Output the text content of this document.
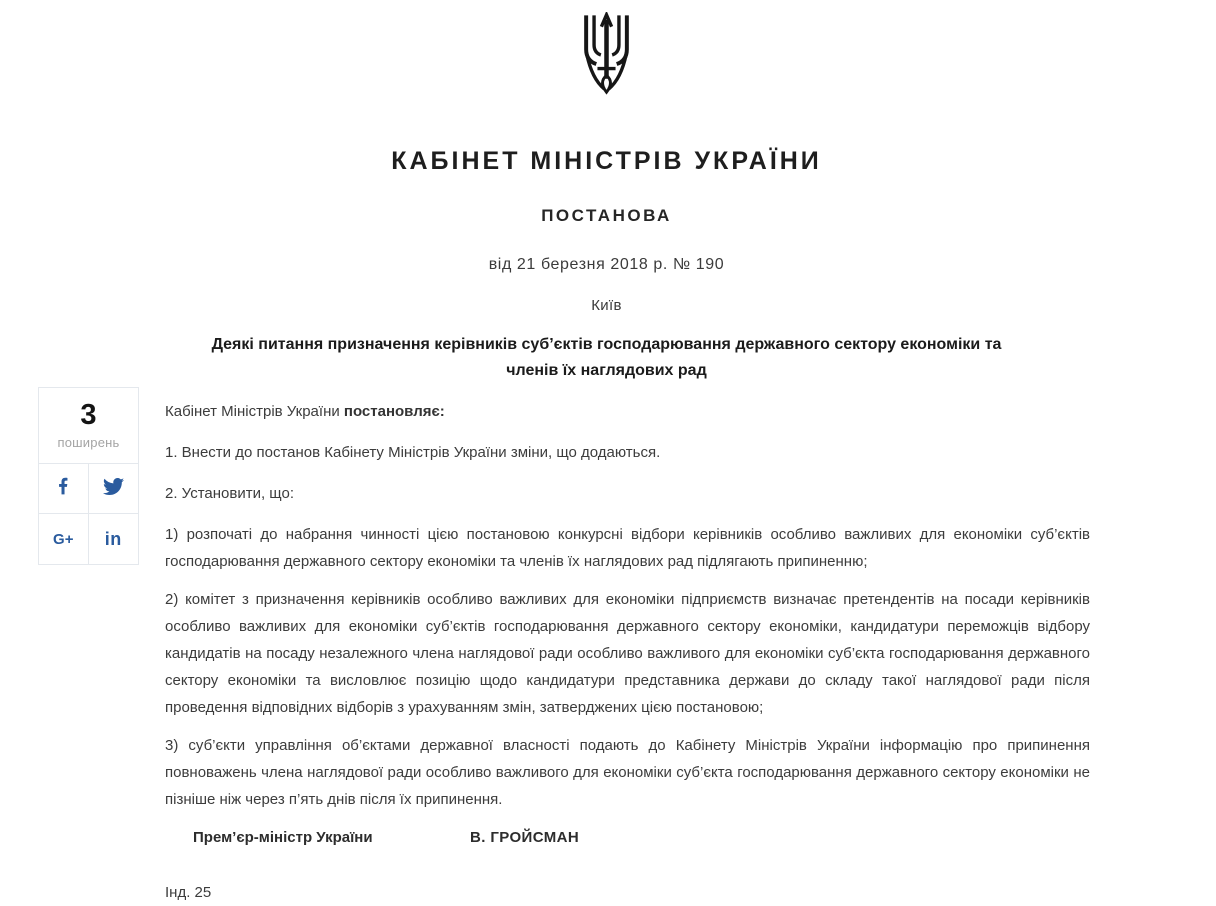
3
поширень
G+ in
КАБІНЕТ МІНІСТРІВ УКРАЇНИ
ПОСТАНОВА
від 21 березня 2018 р. № 190
Київ
Деякі питання призначення керівників суб’єктів господарювання державного сектору економіки та членів їх наглядових рад

Кабінет Міністрів України постановляє:

1. Внести до постанов Кабінету Міністрів України зміни, що додаються.

2. Установити, що:

1) розпочаті до набрання чинності цією постановою конкурсні відбори керівників особливо важливих для економіки суб’єктів господарювання державного сектору економіки та членів їх наглядових рад підлягають припиненню;

2) комітет з призначення керівників особливо важливих для економіки підприємств визначає претендентів на посади керівників особливо важливих для економіки суб’єктів господарювання державного сектору економіки, кандидатури переможців відбору кандидатів на посаду незалежного члена наглядової ради особливо важливого для економіки суб’єкта господарювання державного сектору економіки та висловлює позицію щодо кандидатури представника держави до складу такої наглядової ради після проведення відповідних відборів з урахуванням змін, затверджених цією постановою;

3) суб’єкти управління об’єктами державної власності подають до Кабінету Міністрів України інформацію про припинення повноважень члена наглядової ради особливо важливого для економіки суб’єкта господарювання державного сектору економіки не пізніше ніж через п’ять днів після їх припинення.

Прем’єр-міністр України	В. ГРОЙСМАН
Інд. 25
